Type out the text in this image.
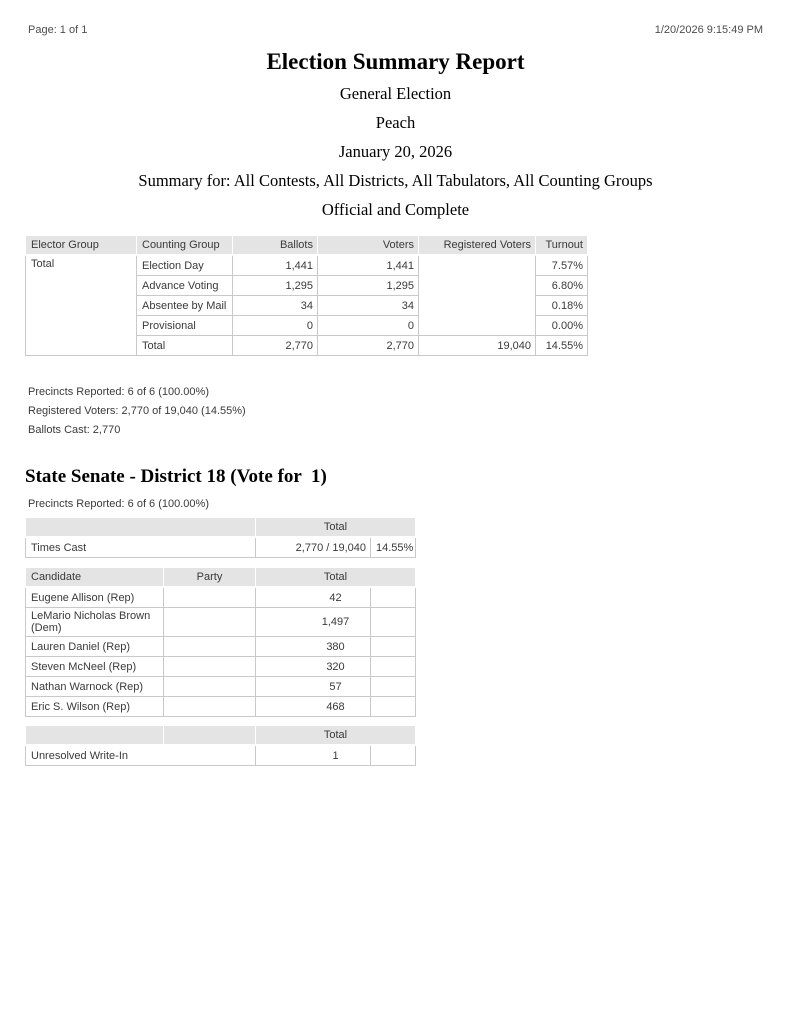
Page: 1 of 1	1/20/2026 9:15:49 PM
Election Summary Report
General Election
Peach
January 20, 2026
Summary for: All Contests, All Districts, All Tabulators, All Counting Groups
Official and Complete
Elector Group	Counting Group	Ballots	Voters	Registered Voters	Turnout
Total	Election Day	1,441	1,441		7.57%
	Advance Voting	1,295	1,295		6.80%
	Absentee by Mail	34	34		0.18%
	Provisional	0	0		0.00%
	Total	2,770	2,770	19,040	14.55%
Precincts Reported: 6 of 6 (100.00%)
Registered Voters: 2,770 of 19,040 (14.55%)
Ballots Cast: 2,770
State Senate - District 18 (Vote for  1)
Precincts Reported: 6 of 6 (100.00%)
	Total	
Times Cast	2,770 / 19,040	14.55%
Candidate	Party	Total
Eugene Allison (Rep)		42
LeMario Nicholas Brown (Dem)		1,497
Lauren Daniel (Rep)		380
Steven McNeel (Rep)		320
Nathan Warnock (Rep)		57
Eric S. Wilson (Rep)		468
		Total
Unresolved Write-In		1
